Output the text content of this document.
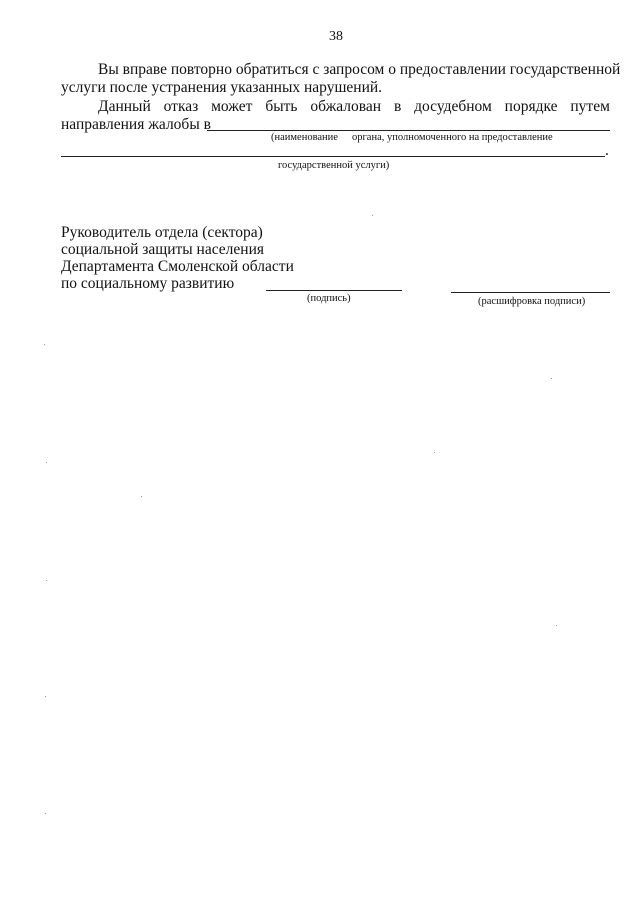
38
Вы вправе повторно обратиться с запросом о предоставлении государственной
услуги после устранения указанных нарушений.
Данный отказ может быть обжалован в досудебном порядке путем
направления жалобы в
(наименование органа, уполномоченного на предоставление
.
государственной услуги)
Руководитель отдела (сектора)
социальной защиты населения
Департамента Смоленской области
по социальному развитию
(подпись)	(расшифровка подписи)
